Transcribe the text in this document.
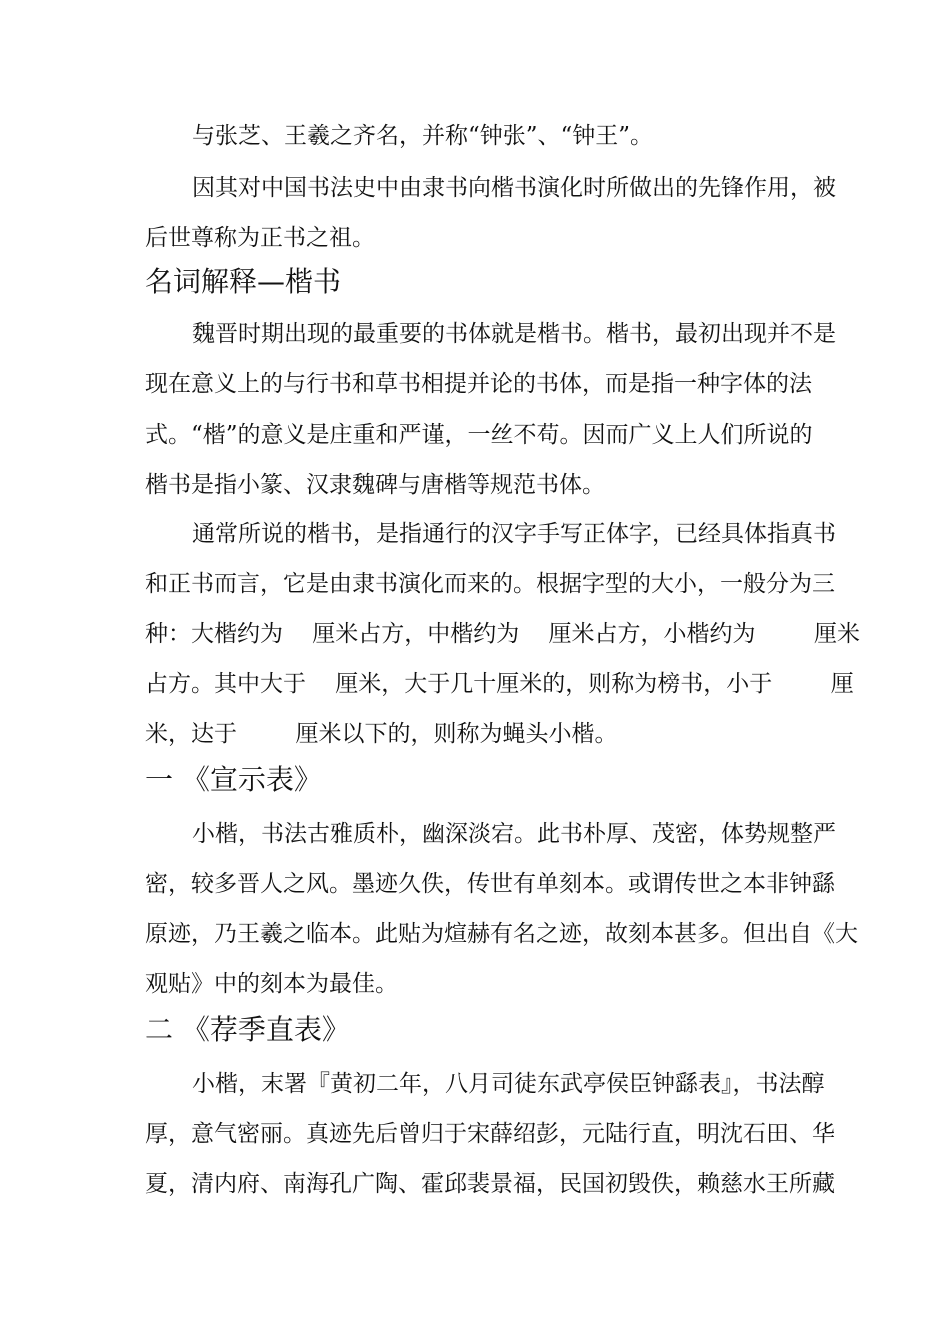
与张芝、王羲之齐名，并称“钟张”、“钟王”。
因其对中国书法史中由隶书向楷书演化时所做出的先锋作用，被
后世尊称为正书之祖。
名词解释—楷书
魏晋时期出现的最重要的书体就是楷书。楷书，最初出现并不是
现在意义上的与行书和草书相提并论的书体，而是指一种字体的法
式。“楷”的意义是庄重和严谨，一丝不苟。因而广义上人们所说的
楷书是指小篆、汉隶魏碑与唐楷等规范书体。
通常所说的楷书，是指通行的汉字手写正体字，已经具体指真书
和正书而言，它是由隶书演化而来的。根据字型的大小，一般分为三
种：大楷约为    厘米占方，中楷约为    厘米占方，小楷约为        厘米
占方。其中大于    厘米，大于几十厘米的，则称为榜书，小于        厘
米，达于        厘米以下的，则称为蝇头小楷。
一 《宣示表》
小楷，书法古雅质朴，幽深淡宕。此书朴厚、茂密，体势规整严
密，较多晋人之风。墨迹久佚，传世有单刻本。或谓传世之本非钟繇
原迹，乃王羲之临本。此贴为煊赫有名之迹，故刻本甚多。但出自《大
观贴》中的刻本为最佳。
二 《荐季直表》
小楷，末署『黄初二年，八月司徒东武亭侯臣钟繇表』，书法醇
厚，意气密丽。真迹先后曾归于宋薛绍彭，元陆行直，明沈石田、华
夏，清内府、南海孔广陶、霍邱裴景福，民国初毁佚，赖慈水王所藏
